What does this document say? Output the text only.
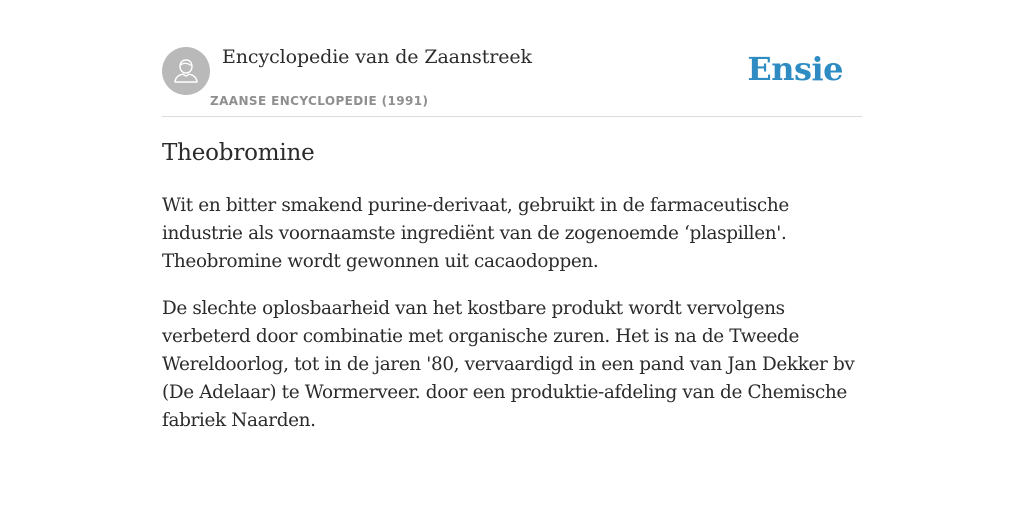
Encyclopedie van de Zaanstreek
ZAANSE ENCYCLOPEDIE (1991)
Ensie
Theobromine

Wit en bitter smakend purine-derivaat, gebruikt in de farmaceutische industrie als voornaamste ingrediënt van de zogenoemde ‘plaspillen'. Theobromine wordt gewonnen uit cacaodoppen.

De slechte oplosbaarheid van het kostbare produkt wordt vervolgens verbeterd door combinatie met organische zuren. Het is na de Tweede Wereldoorlog, tot in de jaren '80, vervaardigd in een pand van Jan Dekker bv (De Adelaar) te Wormerveer. door een produktie-afdeling van de Chemische fabriek Naarden.
